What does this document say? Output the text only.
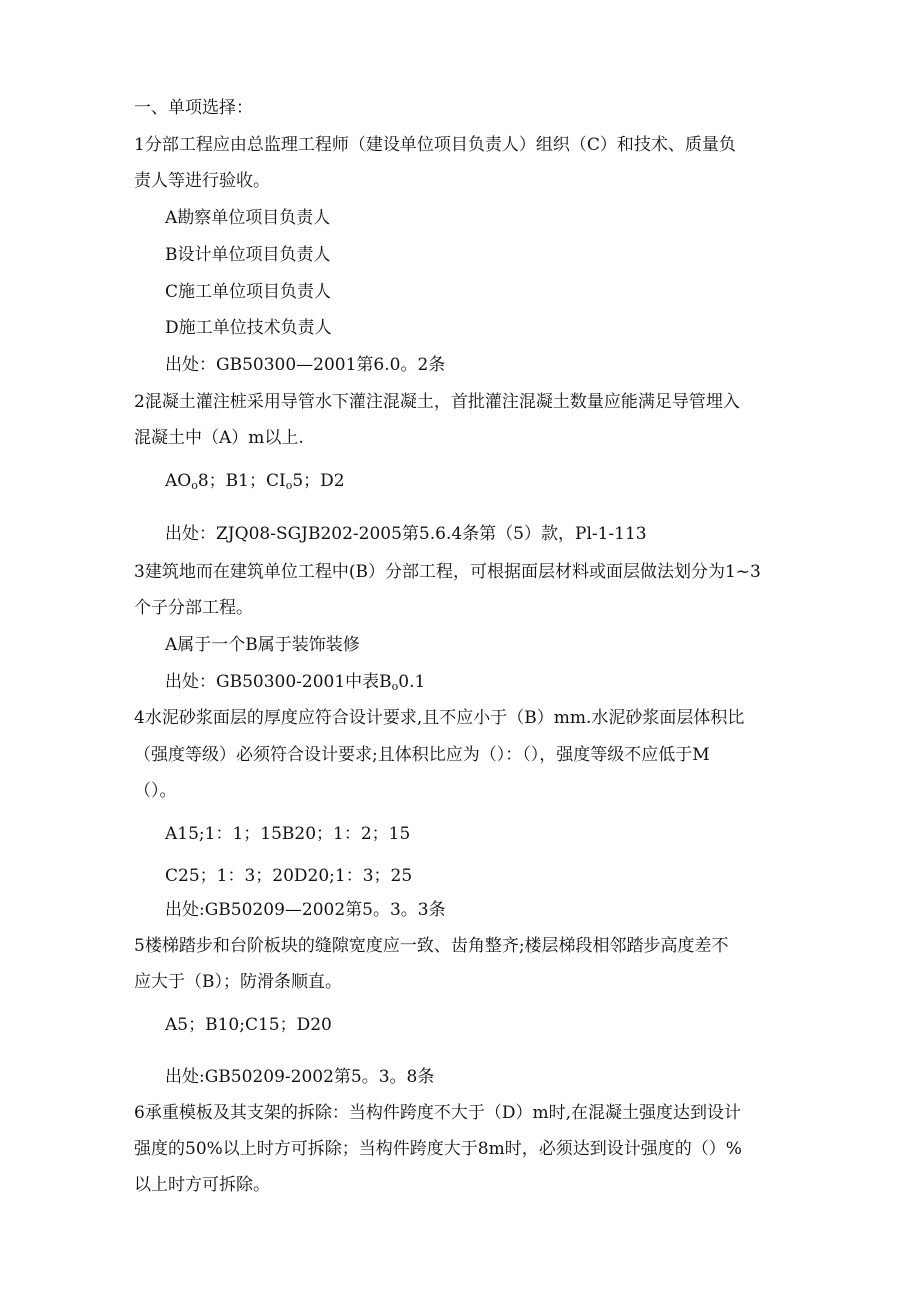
一、单项选择：
1分部工程应由总监理工程师（建设单位项目负责人）组织（C）和技术、质量负
责人等进行验收。
A勘察单位项目负责人
B设计单位项目负责人
C施工单位项目负责人
D施工单位技术负责人
出处：GB50300—2001第6.0。2条
2混凝土灌注桩采用导管水下灌注混凝土，首批灌注混凝土数量应能满足导管埋入
混凝土中（A）m以上.
$AO_o8$；B1；$CI_o5$；D2
出处：ZJQ08-SGJB202-2005第5.6.4条第（5）款，Pl-1-113
3建筑地而在建筑单位工程中(B）分部工程，可根据面层材料或面层做法划分为1~3
个子分部工程。
A属于一个B属于装饰装修
出处：GB50300-2001中表$B_o0.1$
4水泥砂浆面层的厚度应符合设计要求,且不应小于（B）mm.水泥砂浆面层体积比
（强度等级）必须符合设计要求;且体积比应为（）：（），强度等级不应低于M
（）。
A15;1：1；15B20；1：2；15
C25；1：3；20D20;1：3；25
出处:GB50209—2002第5。3。3条
5楼梯踏步和台阶板块的缝隙宽度应一致、齿角整齐;楼层梯段相邻踏步高度差不
应大于（B）；防滑条顺直。
A5；B10;C15；D20
出处:GB50209-2002第5。3。8条
6承重模板及其支架的拆除：当构件跨度不大于（D）m时,在混凝土强度达到设计
强度的50%以上时方可拆除；当构件跨度大于8m时，必须达到设计强度的（）%
以上时方可拆除。
